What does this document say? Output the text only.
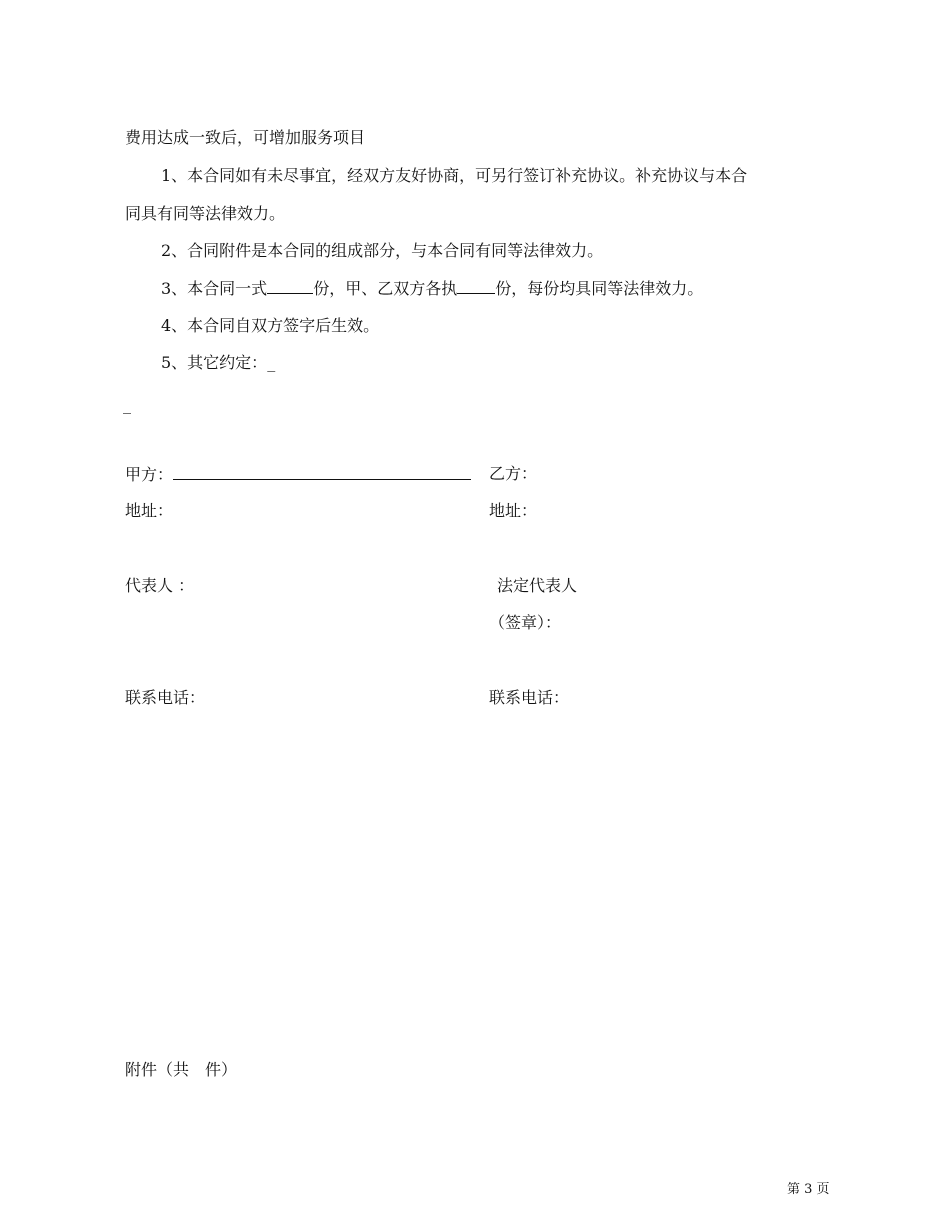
费用达成一致后，可增加服务项目
1、本合同如有未尽事宜，经双方友好协商，可另行签订补充协议。补充协议与本合
同具有同等法律效力。
2、合同附件是本合同的组成部分，与本合同有同等法律效力。
3、本合同一式	份，甲、乙双方各执 份，每份均具同等法律效力。
4、本合同自双方签字后生效。
5、其它约定：_
_
甲方：	乙方：
地址：	地址：
代表人 ：	法定代表人
（签章）：
联系电话：	联系电话：
附件（共　件）
第 3 页
